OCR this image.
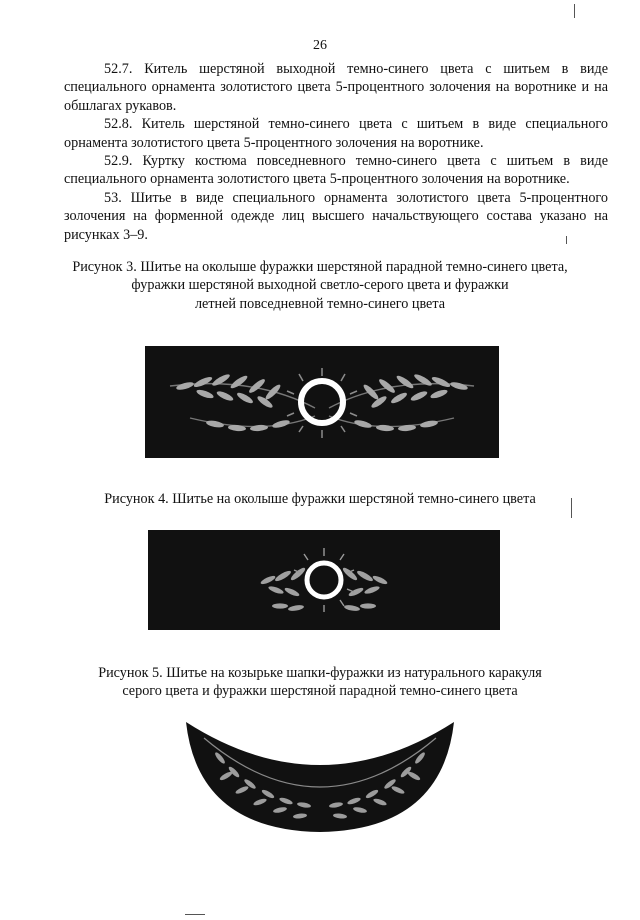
26

52.7. Китель шерстяной выходной темно-синего цвета с шитьем в виде специального орнамента золотистого цвета 5-процентного золочения на воротнике и на обшлагах рукавов.

52.8. Китель шерстяной темно-синего цвета с шитьем в виде специального орнамента золотистого цвета 5-процентного золочения на воротнике.

52.9. Куртку костюма повседневного темно-синего цвета с шитьем в виде специального орнамента золотистого цвета 5-процентного золочения на воротнике.

53. Шитье в виде специального орнамента золотистого цвета 5-процентного золочения на форменной одежде лиц высшего начальствующего состава указано на рисунках 3–9.

Рисунок 3. Шитье на околыше фуражки шерстяной парадной темно-синего цвета,
фуражки шерстяной выходной светло-серого цвета и фуражки
летней повседневной темно-синего цвета
Рисунок 4. Шитье на околыше фуражки шерстяной темно-синего цвета
Рисунок 5. Шитье на козырьке шапки-фуражки из натурального каракуля
серого цвета и фуражки шерстяной парадной темно-синего цвета
